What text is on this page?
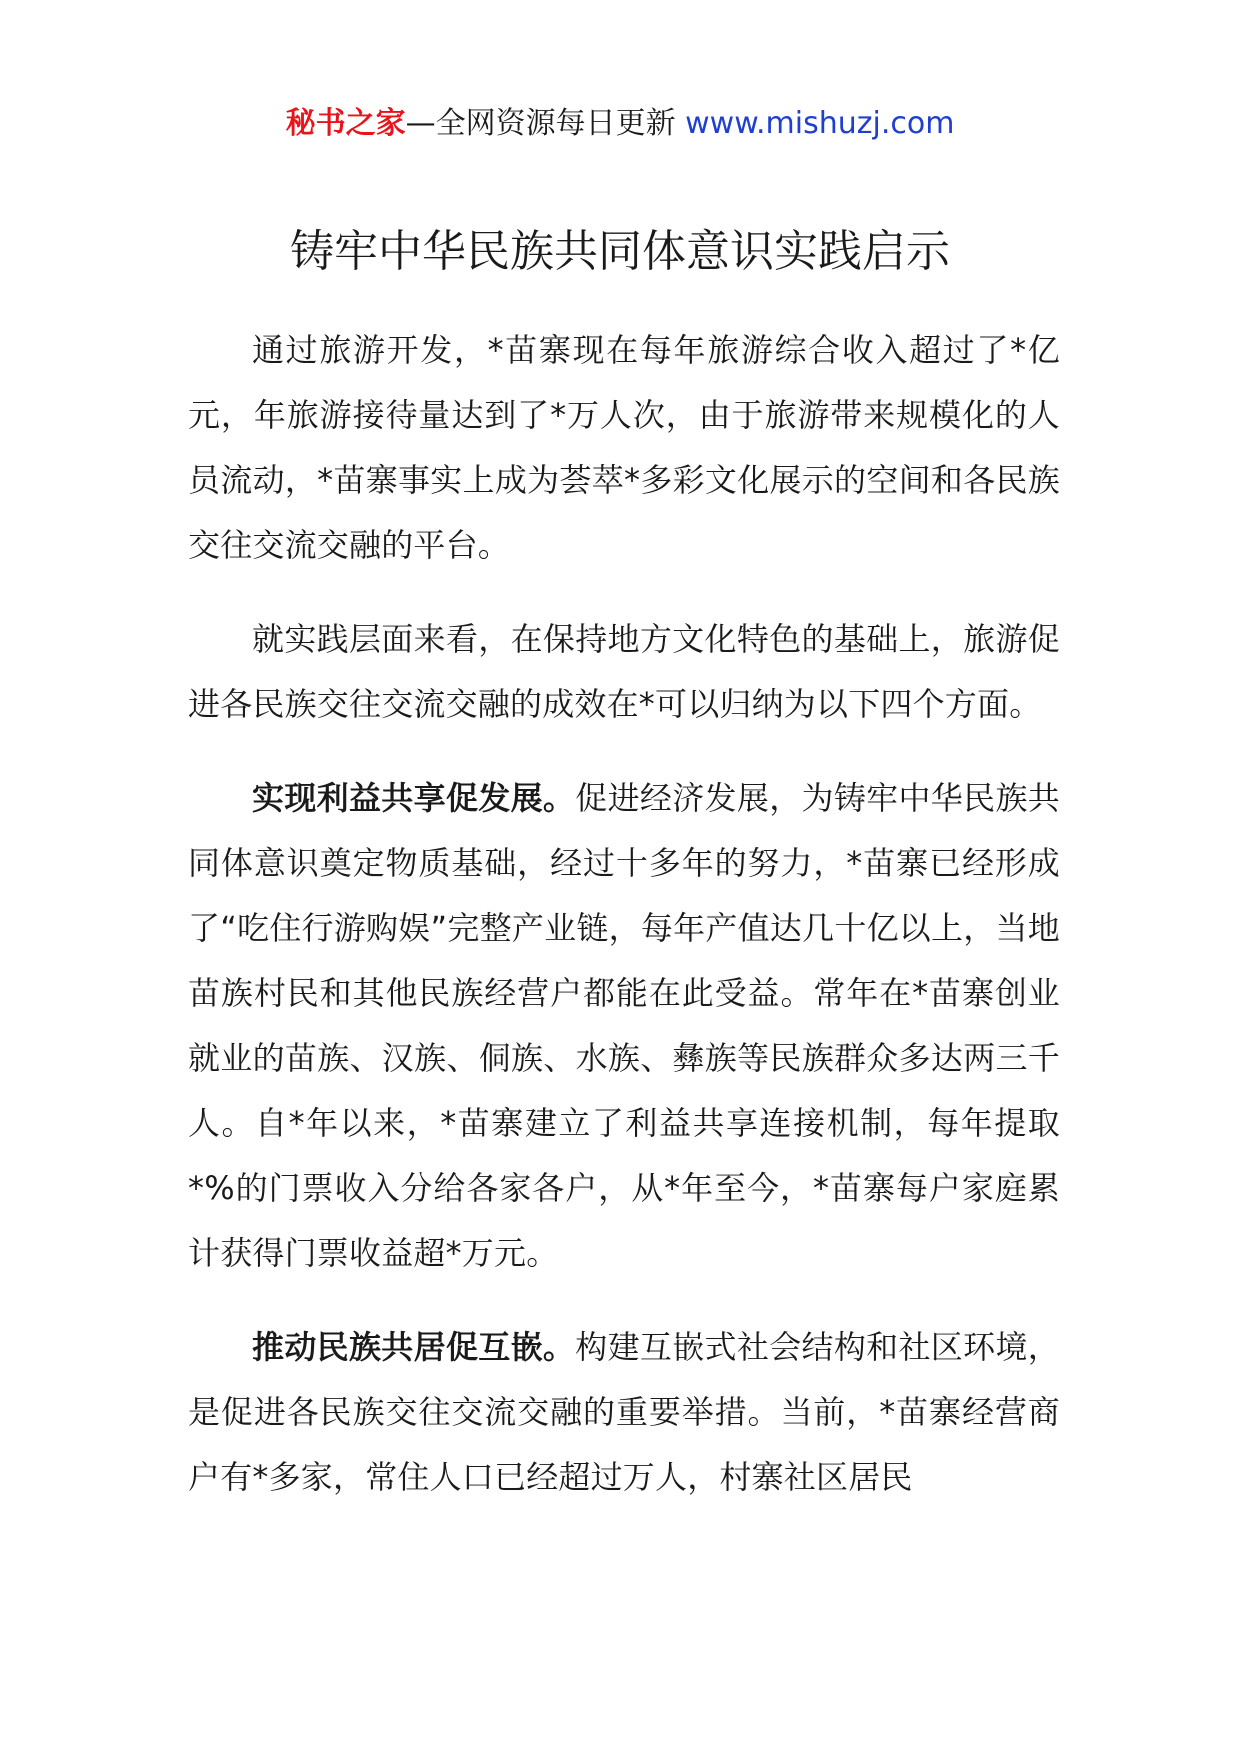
秘书之家—全网资源每日更新 www.mishuzj.com
铸牢中华民族共同体意识实践启示

通过旅游开发，*苗寨现在每年旅游综合收入超过了*亿元，年旅游接待量达到了*万人次，由于旅游带来规模化的人员流动，*苗寨事实上成为荟萃*多彩文化展示的空间和各民族交往交流交融的平台。

就实践层面来看，在保持地方文化特色的基础上，旅游促进各民族交往交流交融的成效在*可以归纳为以下四个方面。

实现利益共享促发展。促进经济发展，为铸牢中华民族共同体意识奠定物质基础，经过十多年的努力，*苗寨已经形成了“吃住行游购娱”完整产业链，每年产值达几十亿以上，当地苗族村民和其他民族经营户都能在此受益。常年在*苗寨创业就业的苗族、汉族、侗族、水族、彝族等民族群众多达两三千人。自*年以来，*苗寨建立了利益共享连接机制，每年提取*%的门票收入分给各家各户，从*年至今，*苗寨每户家庭累计获得门票收益超*万元。

推动民族共居促互嵌。构建互嵌式社会结构和社区环境，是促进各民族交往交流交融的重要举措。当前，*苗寨经营商户有*多家，常住人口已经超过万人，村寨社区居民
